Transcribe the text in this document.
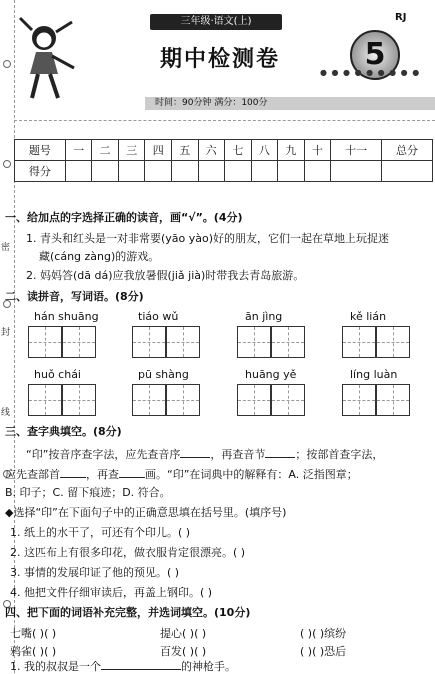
线
封
密
三年级·语文(上)	RJ
期中检测卷	5
● ● ● ● ● ● ● ● ●
时间：90分钟 满分：100分
题号	一	二	三	四	五	六	七	八	九	十	十一	总分
得分												
一、给加点的字选择正确的读音，画“√”。(4分)
1. 青头和红头是一对非常要(yāo yào)好的朋友，它们一起在草地上玩捉迷
藏(cáng zàng)的游戏。
2. 妈妈答(dā dá)应我放暑假(jiǎ jià)时带我去青岛旅游。
二、读拼音，写词语。(8分)
hán shuāng	tiáo wǔ	ān jìng	kě lián
huǒ chái	pū shàng	huāng yě	líng luàn
三、查字典填空。(8分)
“印”按音序查字法，应先查音序	，再查音节	；按部首查字法，
应先查部首 ，再查 画。“印”在词典中的解释有：A. 泛指图章；
B. 印子；C. 留下痕迹；D. 符合。
◆选择“印”在下面句子中的正确意思填在括号里。(填序号)
1. 纸上的水干了，可还有个印儿。( )
2. 这匹布上有很多印花，做衣服肯定很漂亮。( )
3. 事情的发展印证了他的预见。( )
4. 他把文件仔细审读后，再盖上钢印。( )
四、把下面的词语补充完整，并选词填空。(10分)
七嘴( )( )	提心( )( )	( )( )缤纷
鸦雀( )( )	百发( )( )	( )( )恐后
1. 我的叔叔是一个	的神枪手。
